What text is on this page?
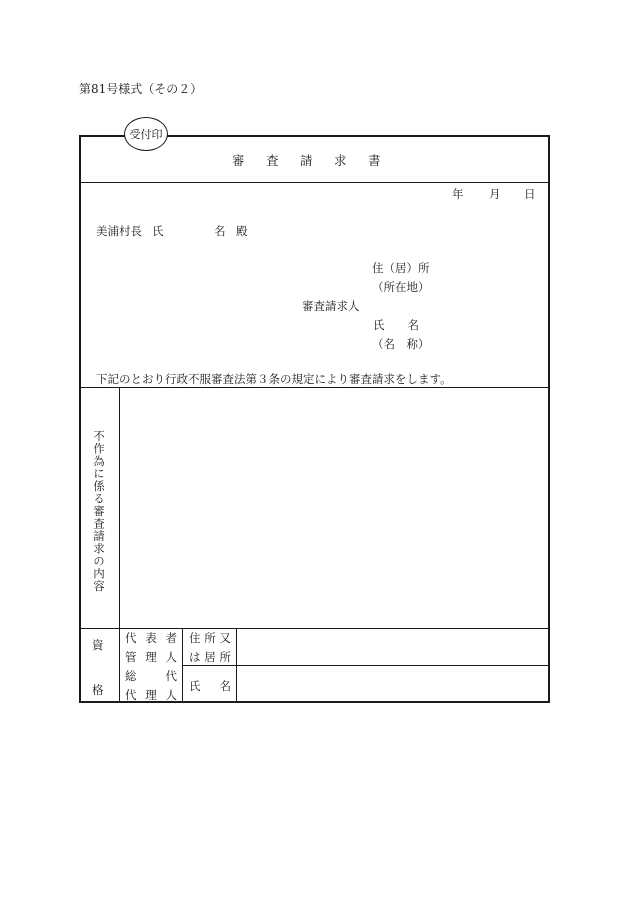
第81号様式（その２）
受付印
審 査 請 求 書
年 月 日
美浦村長 氏	名 殿
住（居）所
（所在地）
審査請求人
氏　　名
（名　称）
下記のとおり行政不服審査法第３条の規定により審査請求をします。
不作為に係る審査請求の内容
資
格
代表者
管理人
総代
代理人
住所又
は居所
氏名
